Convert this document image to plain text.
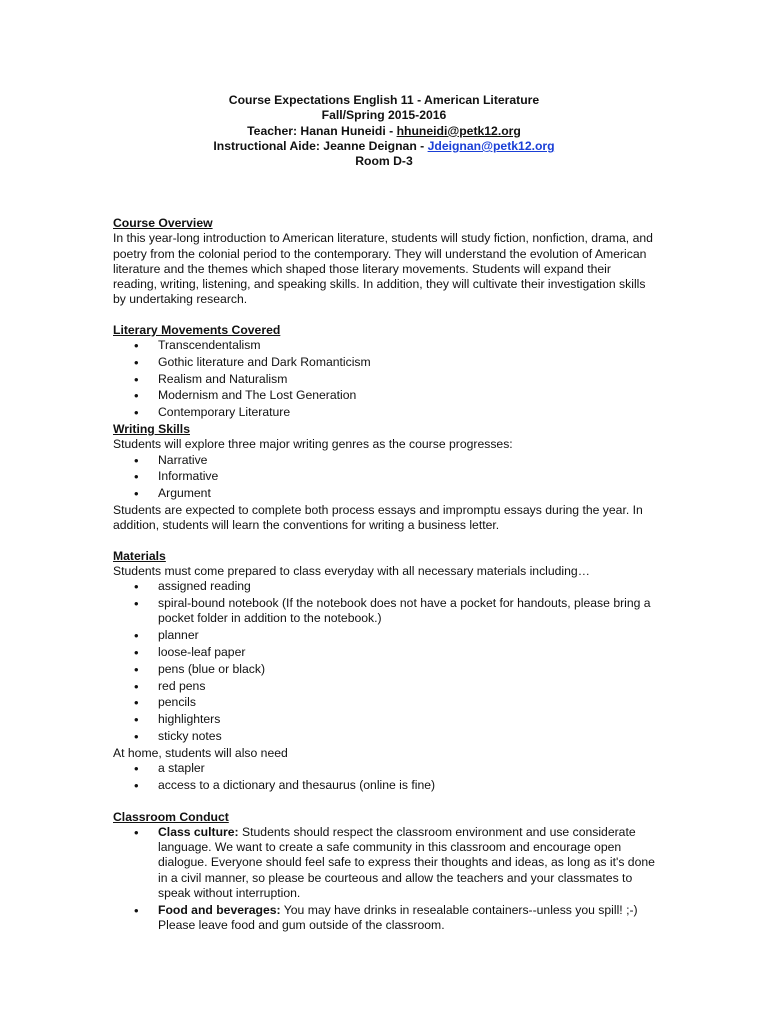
Course Expectations English 11 - American Literature
Fall/Spring 2015-2016
Teacher: Hanan Huneidi - hhuneidi@petk12.org
Instructional Aide: Jeanne Deignan - Jdeignan@petk12.org
Room D-3
Course Overview
In this year-long introduction to American literature, students will study fiction, nonfiction, drama, and poetry from the colonial period to the contemporary. They will understand the evolution of American literature and the themes which shaped those literary movements. Students will expand their reading, writing, listening, and speaking skills. In addition, they will cultivate their investigation skills by undertaking research.
Literary Movements Covered
• Transcendentalism
• Gothic literature and Dark Romanticism
• Realism and Naturalism
• Modernism and The Lost Generation
• Contemporary Literature
Writing Skills
Students will explore three major writing genres as the course progresses:
• Narrative
• Informative
• Argument
Students are expected to complete both process essays and impromptu essays during the year. In addition, students will learn the conventions for writing a business letter.
Materials
Students must come prepared to class everyday with all necessary materials including…
• assigned reading
• spiral-bound notebook (If the notebook does not have a pocket for handouts, please bring a pocket folder in addition to the notebook.)
• planner
• loose-leaf paper
• pens (blue or black)
• red pens
• pencils
• highlighters
• sticky notes
At home, students will also need
• a stapler
• access to a dictionary and thesaurus (online is fine)
Classroom Conduct
• Class culture: Students should respect the classroom environment and use considerate language. We want to create a safe community in this classroom and encourage open dialogue. Everyone should feel safe to express their thoughts and ideas, as long as it's done in a civil manner, so please be courteous and allow the teachers and your classmates to speak without interruption.
• Food and beverages: You may have drinks in resealable containers--unless you spill! ;-) Please leave food and gum outside of the classroom.
